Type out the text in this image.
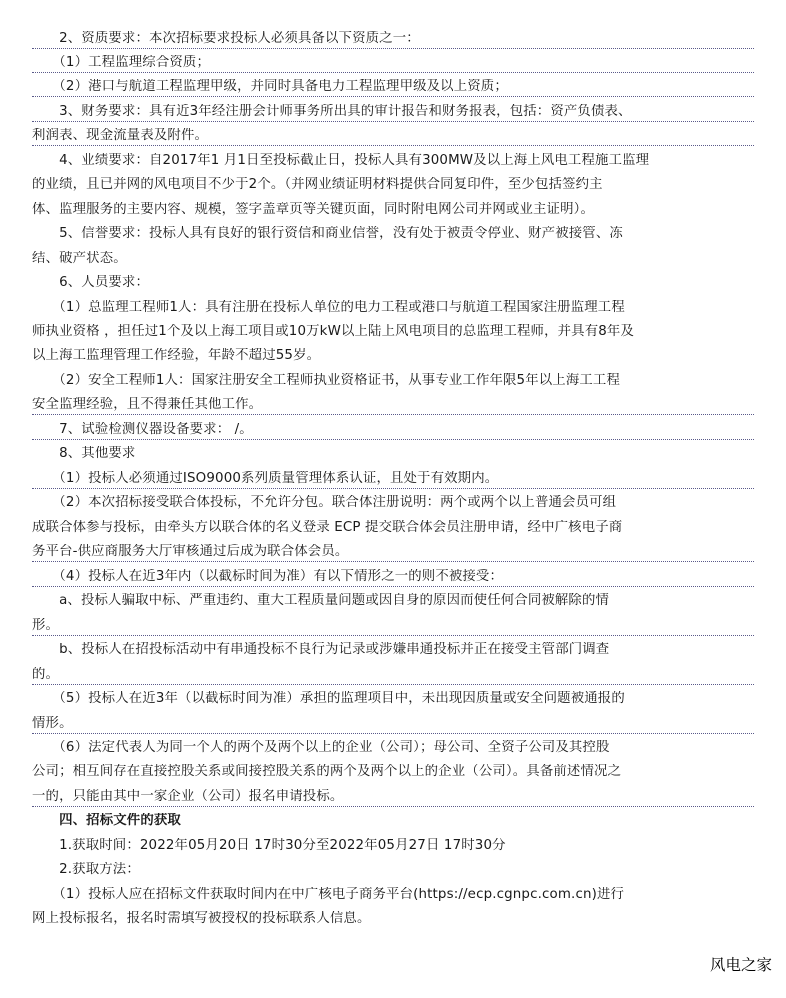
　　2、资质要求：本次招标要求投标人必须具备以下资质之一：
　　（1）工程监理综合资质；
　　（2）港口与航道工程监理甲级，并同时具备电力工程监理甲级及以上资质；
　　3、财务要求：具有近3年经注册会计师事务所出具的审计报告和财务报表，包括：资产负债表、
利润表、现金流量表及附件。
　　4、业绩要求：自2017年1 月1日至投标截止日，投标人具有300MW及以上海上风电工程施工监理
的业绩，且已并网的风电项目不少于2个。（并网业绩证明材料提供合同复印件，至少包括签约主
体、监理服务的主要内容、规模，签字盖章页等关键页面，同时附电网公司并网或业主证明）。
　　5、信誉要求：投标人具有良好的银行资信和商业信誉，没有处于被责令停业、财产被接管、冻
结、破产状态。
　　6、人员要求：
　　（1）总监理工程师1人：具有注册在投标人单位的电力工程或港口与航道工程国家注册监理工程
师执业资格 ，担任过1个及以上海工项目或10万kW以上陆上风电项目的总监理工程师，并具有8年及
以上海工监理管理工作经验，年龄不超过55岁。
　　（2）安全工程师1人：国家注册安全工程师执业资格证书，从事专业工作年限5年以上海工工程
安全监理经验，且不得兼任其他工作。
　　7、试验检测仪器设备要求： /。
　　8、其他要求
　　（1）投标人必须通过ISO9000系列质量管理体系认证，且处于有效期内。
　　（2）本次招标接受联合体投标，不允许分包。联合体注册说明：两个或两个以上普通会员可组
成联合体参与投标，由牵头方以联合体的名义登录 ECP 提交联合体会员注册申请，经中广核电子商
务平台-供应商服务大厅审核通过后成为联合体会员。
　　（4）投标人在近3年内（以截标时间为准）有以下情形之一的则不被接受：
　　a、投标人骗取中标、严重违约、重大工程质量问题或因自身的原因而使任何合同被解除的情
形。
　　b、投标人在招投标活动中有串通投标不良行为记录或涉嫌串通投标并正在接受主管部门调查
的。
　　（5）投标人在近3年（以截标时间为准）承担的监理项目中，未出现因质量或安全问题被通报的
情形。
　　（6）法定代表人为同一个人的两个及两个以上的企业（公司）；母公司、全资子公司及其控股
公司；相互间存在直接控股关系或间接控股关系的两个及两个以上的企业（公司）。具备前述情况之
一的，只能由其中一家企业（公司）报名申请投标。
　　四、招标文件的获取
　　1.获取时间：2022年05月20日 17时30分至2022年05月27日 17时30分
　　2.获取方法：
　　（1）投标人应在招标文件获取时间内在中广核电子商务平台(https://ecp.cgnpc.com.cn)进行
网上投标报名，报名时需填写被授权的投标联系人信息。
风电之家
